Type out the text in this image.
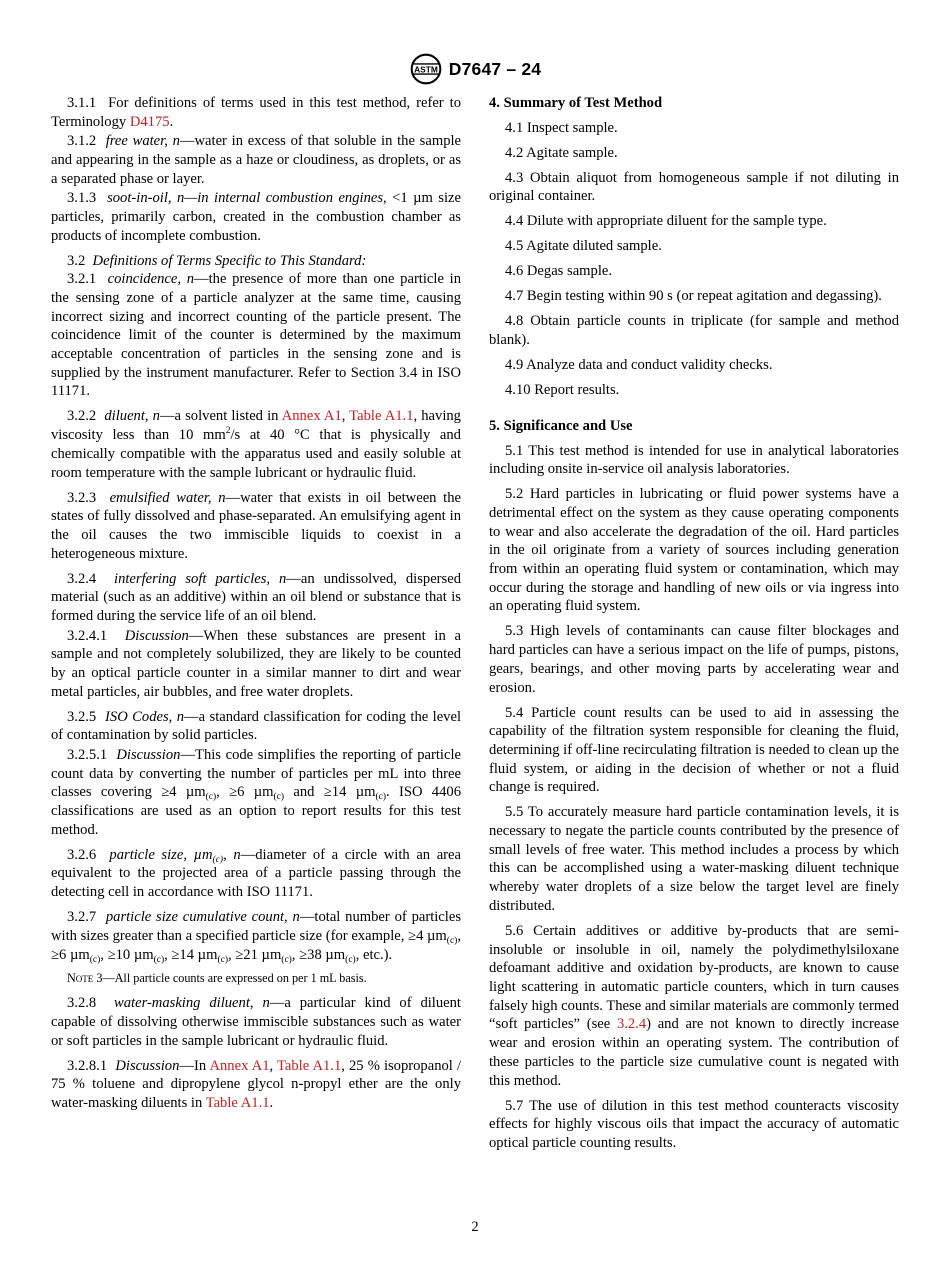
ASTM D7647 – 24

3.1.1 For definitions of terms used in this test method, refer to Terminology D4175.

3.1.2 free water, n—water in excess of that soluble in the sample and appearing in the sample as a haze or cloudiness, as droplets, or as a separated phase or layer.

3.1.3 soot-in-oil, n—in internal combustion engines, <1 µm size particles, primarily carbon, created in the combustion chamber as products of incomplete combustion.

3.2 Definitions of Terms Specific to This Standard:

3.2.1 coincidence, n—the presence of more than one particle in the sensing zone of a particle analyzer at the same time, causing incorrect sizing and incorrect counting of the particle present. The coincidence limit of the counter is determined by the maximum acceptable concentration of particles in the sensing zone and is supplied by the instrument manufacturer. Refer to Section 3.4 in ISO 11171.

3.2.2 diluent, n—a solvent listed in Annex A1, Table A1.1, having viscosity less than 10 $mm^2/s$ at 40 °C that is physically and chemically compatible with the apparatus used and easily soluble at room temperature with the sample lubricant or hydraulic fluid.

3.2.3 emulsified water, n—water that exists in oil between the states of fully dissolved and phase-separated. An emulsifying agent in the oil causes the two immiscible liquids to coexist in a heterogeneous mixture.

3.2.4 interfering soft particles, n—an undissolved, dispersed material (such as an additive) within an oil blend or substance that is formed during the service life of an oil blend.

3.2.4.1 Discussion—When these substances are present in a sample and not completely solubilized, they are likely to be counted by an optical particle counter in a similar manner to dirt and wear metal particles, air bubbles, and free water droplets.

3.2.5 ISO Codes, n—a standard classification for coding the level of contamination by solid particles.

3.2.5.1 Discussion—This code simplifies the reporting of particle count data by converting the number of particles per mL into three classes covering ≥4 µm$_{(c)}$, ≥6 µm$_{(c)}$ and ≥14 µm$_{(c)}$. ISO 4406 classifications are used as an option to report results for this test method.

3.2.6 particle size, µm$_{(c)}$, n—diameter of a circle with an area equivalent to the projected area of a particle passing through the detecting cell in accordance with ISO 11171.

3.2.7 particle size cumulative count, n—total number of particles with sizes greater than a specified particle size (for example, ≥4 µm$_{(c)}$, ≥6 µm$_{(c)}$, ≥10 µm$_{(c)}$, ≥14 µm$_{(c)}$, ≥21 µm$_{(c)}$, ≥38 µm$_{(c)}$, etc.).

Note 3—All particle counts are expressed on per 1 mL basis.

3.2.8 water-masking diluent, n—a particular kind of diluent capable of dissolving otherwise immiscible substances such as water or soft particles in the sample lubricant or hydraulic fluid.

3.2.8.1 Discussion—In Annex A1, Table A1.1, 25 % isopropanol / 75 % toluene and dipropylene glycol n-propyl ether are the only water-masking diluents in Table A1.1.

4. Summary of Test Method

4.1 Inspect sample.

4.2 Agitate sample.

4.3 Obtain aliquot from homogeneous sample if not diluting in original container.

4.4 Dilute with appropriate diluent for the sample type.

4.5 Agitate diluted sample.

4.6 Degas sample.

4.7 Begin testing within 90 s (or repeat agitation and degassing).

4.8 Obtain particle counts in triplicate (for sample and method blank).

4.9 Analyze data and conduct validity checks.

4.10 Report results.

5. Significance and Use

5.1 This test method is intended for use in analytical laboratories including onsite in-service oil analysis laboratories.

5.2 Hard particles in lubricating or fluid power systems have a detrimental effect on the system as they cause operating components to wear and also accelerate the degradation of the oil. Hard particles in the oil originate from a variety of sources including generation from within an operating fluid system or contamination, which may occur during the storage and handling of new oils or via ingress into an operating fluid system.

5.3 High levels of contaminants can cause filter blockages and hard particles can have a serious impact on the life of pumps, pistons, gears, bearings, and other moving parts by accelerating wear and erosion.

5.4 Particle count results can be used to aid in assessing the capability of the filtration system responsible for cleaning the fluid, determining if off-line recirculating filtration is needed to clean up the fluid system, or aiding in the decision of whether or not a fluid change is required.

5.5 To accurately measure hard particle contamination levels, it is necessary to negate the particle counts contributed by the presence of small levels of free water. This method includes a process by which this can be accomplished using a water-masking diluent technique whereby water droplets of a size below the target level are finely distributed.

5.6 Certain additives or additive by-products that are semi-insoluble or insoluble in oil, namely the polydimethylsiloxane defoamant additive and oxidation by-products, are known to cause light scattering in automatic particle counters, which in turn causes falsely high counts. These and similar materials are commonly termed “soft particles” (see 3.2.4) and are not known to directly increase wear and erosion within an operating system. The contribution of these particles to the particle size cumulative count is negated with this method.

5.7 The use of dilution in this test method counteracts viscosity effects for highly viscous oils that impact the accuracy of automatic optical particle counting results.

2
